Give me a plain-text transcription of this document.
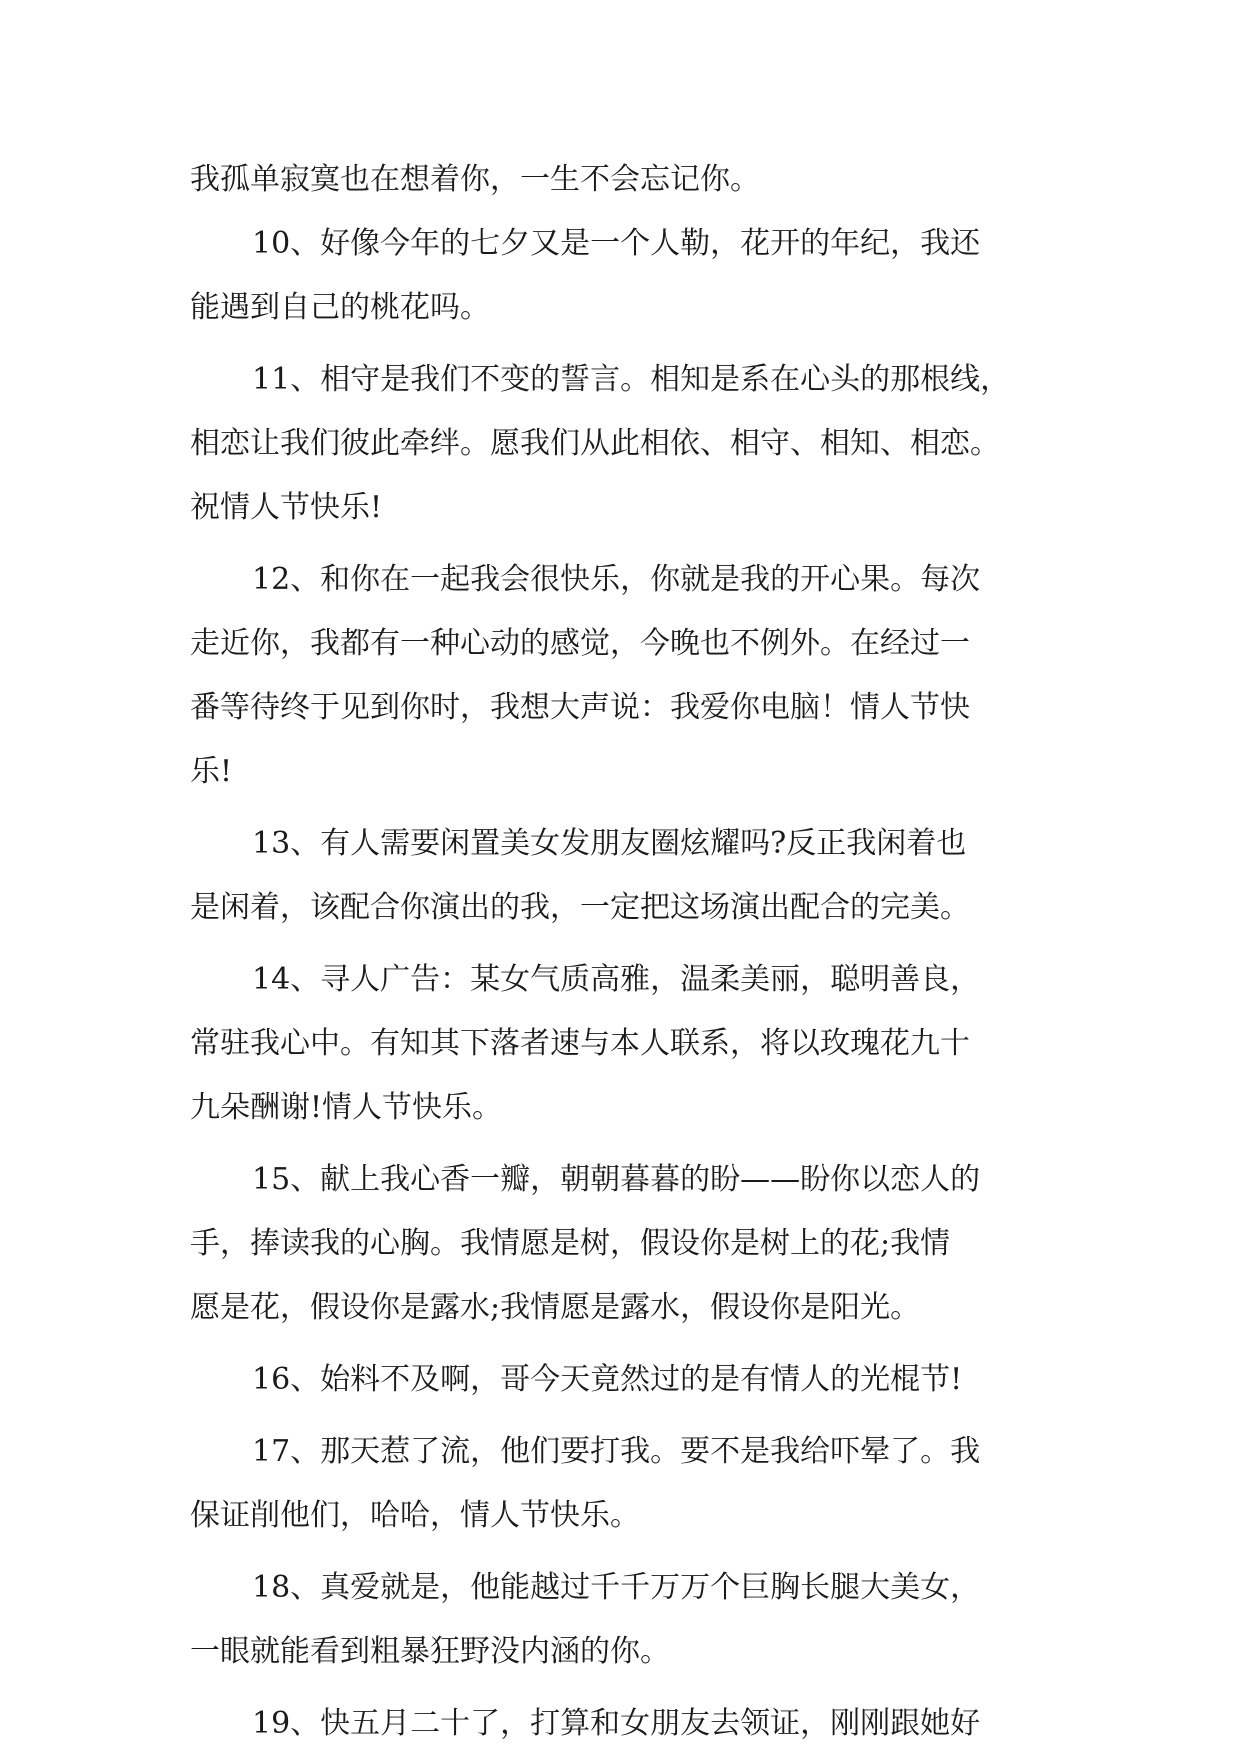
我孤单寂寞也在想着你，一生不会忘记你。
10、好像今年的七夕又是一个人勒，花开的年纪，我还
能遇到自己的桃花吗。
11、相守是我们不变的誓言。相知是系在心头的那根线，
相恋让我们彼此牵绊。愿我们从此相依、相守、相知、相恋。
祝情人节快乐!
12、和你在一起我会很快乐，你就是我的开心果。每次
走近你，我都有一种心动的感觉，今晚也不例外。在经过一
番等待终于见到你时，我想大声说：我爱你电脑！情人节快
乐!
13、有人需要闲置美女发朋友圈炫耀吗?反正我闲着也
是闲着，该配合你演出的我，一定把这场演出配合的完美。
14、寻人广告：某女气质高雅，温柔美丽，聪明善良，
常驻我心中。有知其下落者速与本人联系，将以玫瑰花九十
九朵酬谢!情人节快乐。
15、献上我心香一瓣，朝朝暮暮的盼——盼你以恋人的
手，捧读我的心胸。我情愿是树，假设你是树上的花;我情
愿是花，假设你是露水;我情愿是露水，假设你是阳光。
16、始料不及啊，哥今天竟然过的是有情人的光棍节!
17、那天惹了流，他们要打我。要不是我给吓晕了。我
保证削他们，哈哈，情人节快乐。
18、真爱就是，他能越过千千万万个巨胸长腿大美女，
一眼就能看到粗暴狂野没内涵的你。
19、快五月二十了，打算和女朋友去领证，刚刚跟她好
